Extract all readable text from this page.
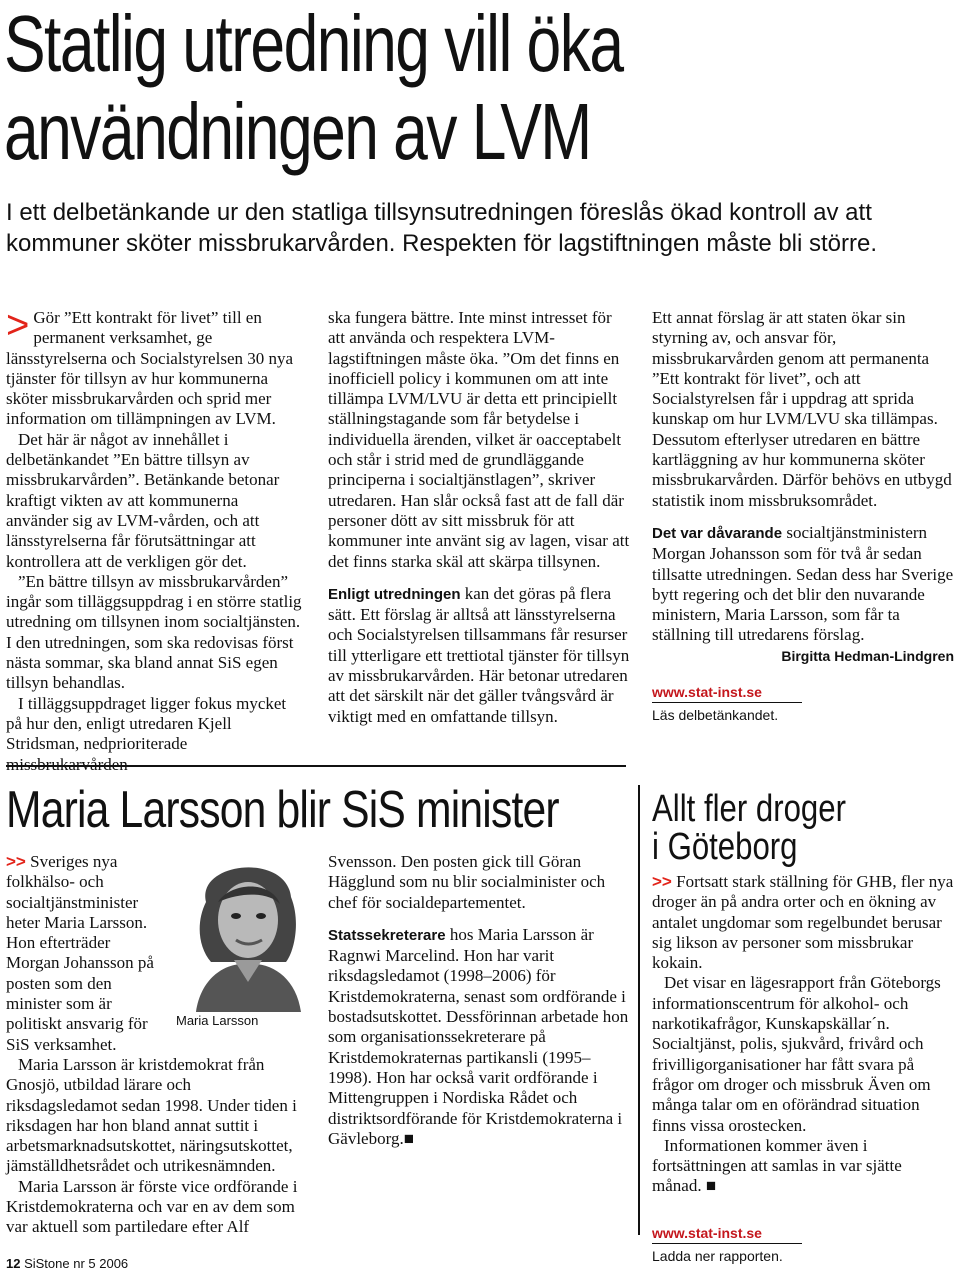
Statlig utredning vill öka
användningen av LVM
I ett delbetänkande ur den statliga tillsynsutredningen föreslås ökad kontroll av att kommuner sköter missbrukarvården. Respekten för lagstiftningen måste bli större.

> Gör ”Ett kontrakt för livet” till en permanent verksamhet, ge länsstyrelserna och Socialstyrelsen 30 nya tjänster för tillsyn av hur kommunerna sköter missbrukarvården och sprid mer information om tillämpningen av LVM.

Det här är något av innehållet i delbetänkandet ”En bättre tillsyn av missbrukarvården”. Betänkande betonar kraftigt vikten av att kommunerna använder sig av LVM-vården, och att länsstyrelserna får förutsättningar att kontrollera att de verkligen gör det.

”En bättre tillsyn av missbrukarvården” ingår som tilläggsuppdrag i en större statlig utredning om tillsynen inom socialtjänsten. I den utredningen, som ska redovisas först nästa sommar, ska bland annat SiS egen tillsyn behandlas.

I tilläggsuppdraget ligger fokus mycket på hur den, enligt utredaren Kjell Stridsman, nedprioriterade

ska fungera bättre. Inte minst intresset för att använda och respektera LVM-lagstiftningen måste öka. ”Om det finns en inofficiell policy i kommunen om att inte tillämpa LVM/LVU är detta ett principiellt ställningstagande som får betydelse i individuella ärenden, vilket är oacceptabelt och står i strid med de grundläggande principerna i socialtjänstlagen”, skriver utredaren. Han slår också fast att de fall där personer dött av sitt missbruk för att kommuner inte använt sig av lagen, visar att det finns starka skäl att skärpa tillsynen.

Enligt utredningen kan det göras på flera sätt. Ett förslag är alltså att länsstyrelserna och Socialstyrelsen tillsammans får resurser till ytterligare ett trettiotal tjänster för tillsyn av missbrukarvården. Här betonar utredaren att det särskilt när det gäller tvångsvård är viktigt med en omfattande tillsyn.

Ett annat förslag är att staten ökar sin styrning av, och ansvar för, missbrukarvården genom att permanenta ”Ett kontrakt för livet”, och att Socialstyrelsen får i uppdrag att sprida kunskap om hur LVM/LVU ska tillämpas. Dessutom efterlyser utredaren en bättre kartläggning av hur kommunerna sköter missbrukarvården. Därför behövs en utbygd statistik inom missbruksområdet.

Det var dåvarande socialtjänstministern Morgan Johansson som för två år sedan tillsatte utredningen. Sedan dess har Sverige bytt regering och det blir den nuvarande ministern, Maria Larsson, som får ta ställning till utredarens förslag.

Birgitta Hedman-Lindgren
www.stat-inst.se
Läs delbetänkandet.
Maria Larsson blir SiS minister
Maria Larsson

>> Sveriges nya folkhälso- och socialtjänstminister heter Maria Larsson. Hon efterträder Morgan Johansson på posten som den minister som är politiskt ansvarig för SiS verksamhet.

Maria Larsson är kristdemokrat från Gnosjö, utbildad lärare och riksdagsledamot sedan 1998. Under tiden i riksdagen har hon bland annat suttit i arbetsmarknadsutskottet, näringsutskottet, jämställdhetsrådet och utrikesnämnden.

Maria Larsson är förste vice ordförande i Kristdemokraterna och var en av dem som var aktuell som partiledare efter Alf

Svensson. Den posten gick till Göran Hägglund som nu blir socialminister och chef för socialdepartementet.

Statssekreterare hos Maria Larsson är Ragnwi Marcelind. Hon har varit riksdagsledamot (1998–2006) för Kristdemokraterna, senast som ordförande i bostadsutskottet. Dessförinnan arbetade hon som organisationssekreterare på Kristdemokraternas partikansli (1995–1998). Hon har också varit ordförande i Mittengruppen i Nordiska Rådet och distriktsordförande för Kristdemokraterna i Gävleborg.■

Allt fler droger
i Göteborg

>> Fortsatt stark ställning för GHB, fler nya droger än på andra orter och en ökning av antalet ungdomar som regelbundet berusar sig likson av personer som missbrukar kokain.

Det visar en lägesrapport från Göteborgs informationscentrum för alkohol- och narkotikafrågor, Kunskapskällar´n. Socialtjänst, polis, sjukvård, frivård och frivilligorganisationer har fått svara på frågor om droger och missbruk Även om många talar om en oförändrad situation finns vissa orostecken.

Informationen kommer även i fortsättningen att samlas in var sjätte månad. ■

www.stat-inst.se
Ladda ner rapporten.
12 SiStone nr 5 2006
